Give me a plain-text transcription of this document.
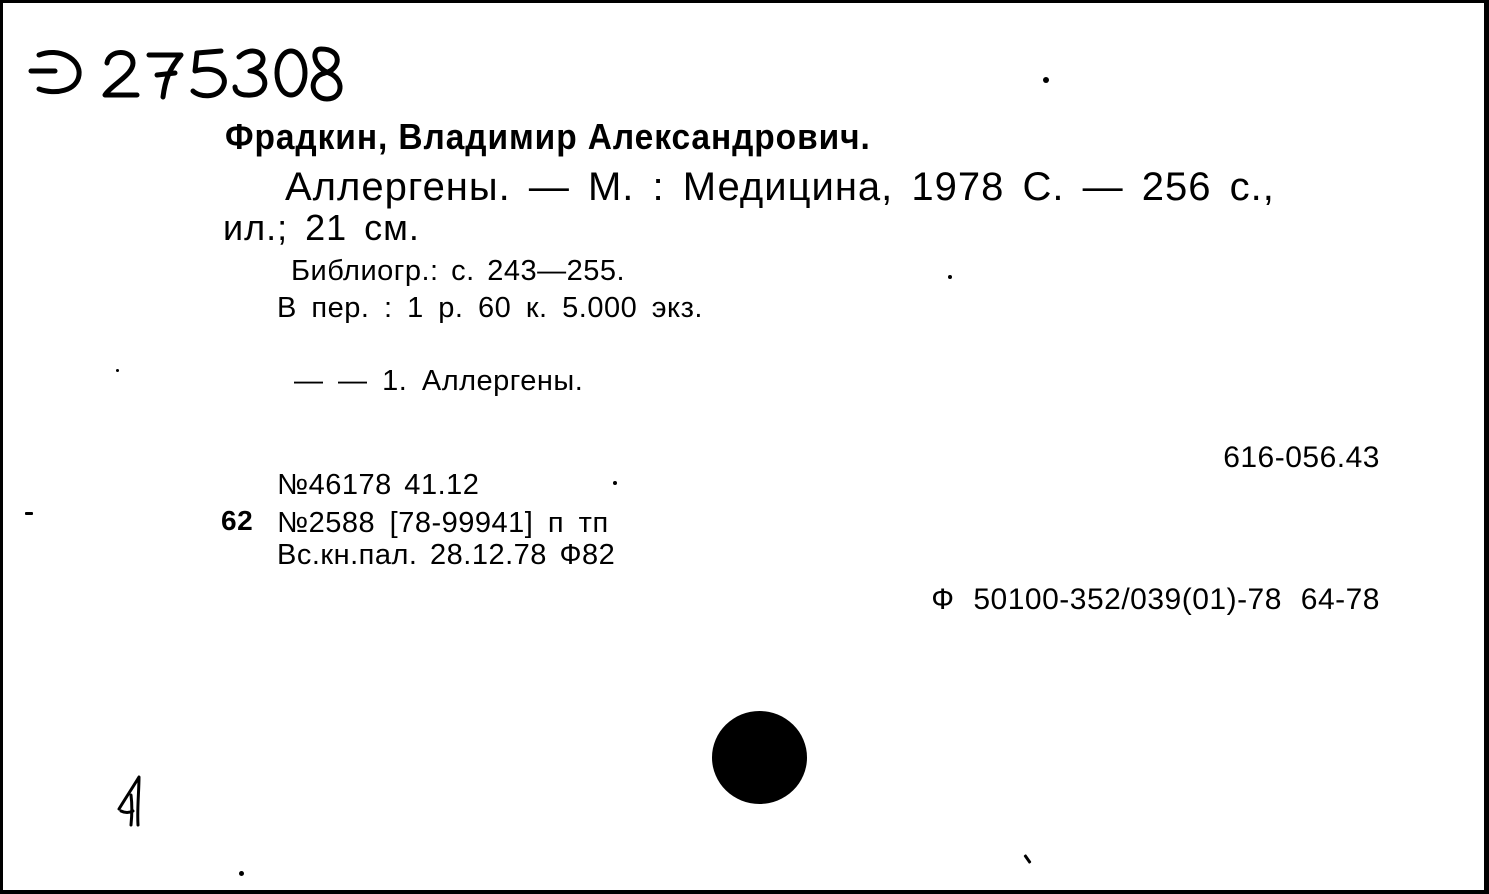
Фрадкин, Владимир Александрович.
Аллергены. — М. : Медицина, 1978 С. — 256 с.,
ил.; 21 см.
Библиогр.: с. 243—255.
В пер. : 1 р. 60 к. 5.000 экз.
— — 1. Аллергены.
616-056.43
№46178 41.12
62 №2588 [78-99941] п тп
Вс.кн.пал. 28.12.78 Ф82
Ф 50100-352/039(01)-78 64-78
